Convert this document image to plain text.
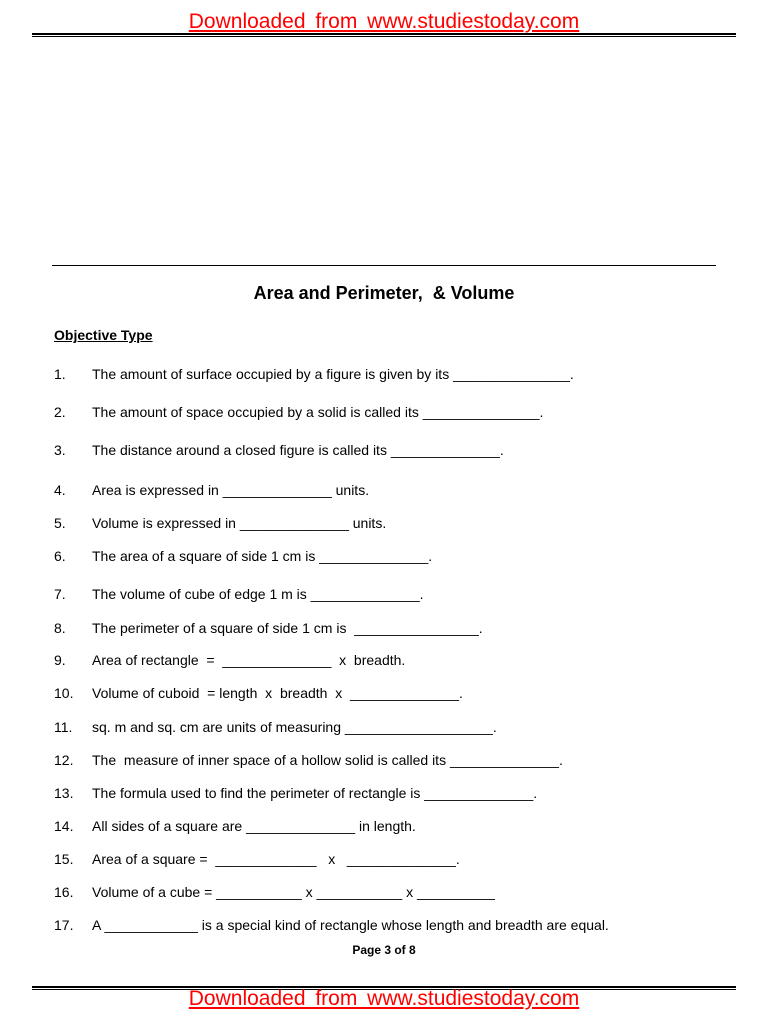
Downloaded from www.studiestoday.com
Area and Perimeter,  & Volume
Objective Type

1.

The amount of surface occupied by a figure is given by its _______________.

2.

The amount of space occupied by a solid is called its _______________.

3.

The distance around a closed figure is called its ______________.

4.

Area is expressed in ______________ units.

5.

Volume is expressed in ______________ units.

6.

The area of a square of side 1 cm is ______________.

7.

The volume of cube of edge 1 m is ______________.

8.

The perimeter of a square of side 1 cm is  ________________.

9.

Area of rectangle  =  ______________  x  breadth.

10.

Volume of cuboid  = length  x  breadth  x  ______________.

11.

sq. m and sq. cm are units of measuring ___________________.

12.

The  measure of inner space of a hollow solid is called its ______________.

13.

The formula used to find the perimeter of rectangle is ______________.

14.

All sides of a square are ______________ in length.

15.

Area of a square =  _____________   x   ______________.

16.

Volume of a cube = ___________ x ___________ x __________

17.

A ____________ is a special kind of rectangle whose length and breadth are equal.

Page 3 of 8
Downloaded from www.studiestoday.com
